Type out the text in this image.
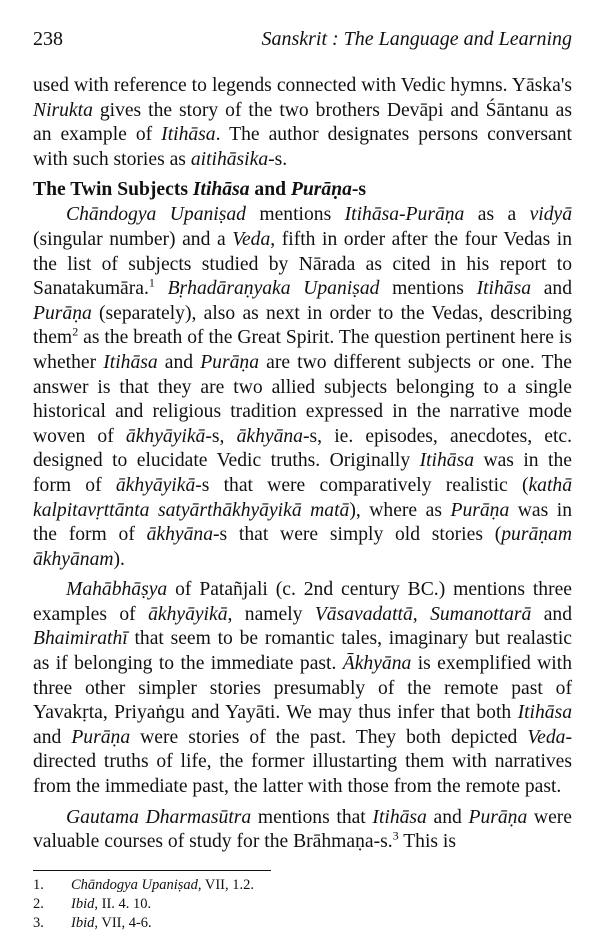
238	Sanskrit : The Language and Learning

used with reference to legends connected with Vedic hymns. Yāska's Nirukta gives the story of the two brothers Devāpi and Śāntanu as an example of Itihāsa. The author designates persons conversant with such stories as aitihāsika-s.

The Twin Subjects Itihāsa and Purāṇa-s

Chāndogya Upaniṣad mentions Itihāsa-Purāṇa as a vidyā (singular number) and a Veda, fifth in order after the four Vedas in the list of subjects studied by Nārada as cited in his report to Sanatakumāra.$^1$ Bṛhadāraṇyaka Upaniṣad mentions Itihāsa and Purāṇa (separately), also as next in order to the Vedas, describing them$^2$ as the breath of the Great Spirit. The question pertinent here is whether Itihāsa and Purāṇa are two different subjects or one. The answer is that they are two allied subjects belonging to a single historical and religious tradition expressed in the narrative mode woven of ākhyāyikā-s, ākhyāna-s, ie. episodes, anecdotes, etc. designed to elucidate Vedic truths. Originally Itihāsa was in the form of ākhyāyikā-s that were comparatively realistic (kathā kalpitavṛttānta satyārthākhyāyikā matā), where as Purāṇa was in the form of ākhyāna-s that were simply old stories (purāṇam ākhyānam).

Mahābhāṣya of Patañjali (c. 2nd century BC.) mentions three examples of ākhyāyikā, namely Vāsavadattā, Sumanottarā and Bhaimirathī that seem to be romantic tales, imaginary but realastic as if belonging to the immediate past. Ākhyāna is exemplified with three other simpler stories presumably of the remote past of Yavakṛta, Priyaṅgu and Yayāti. We may thus infer that both Itihāsa and Purāṇa were stories of the past. They both depicted Veda-directed truths of life, the former illustarting them with narratives from the immediate past, the latter with those from the remote past.

Gautama Dharmasūtra mentions that Itihāsa and Purāṇa were valuable courses of study for the Brāhmaṇa-s.$^3$ This is

1.	Chāndogya Upaniṣad, VII, 1.2.
2.	Ibid, II. 4. 10.
3.	Ibid, VII, 4-6.
